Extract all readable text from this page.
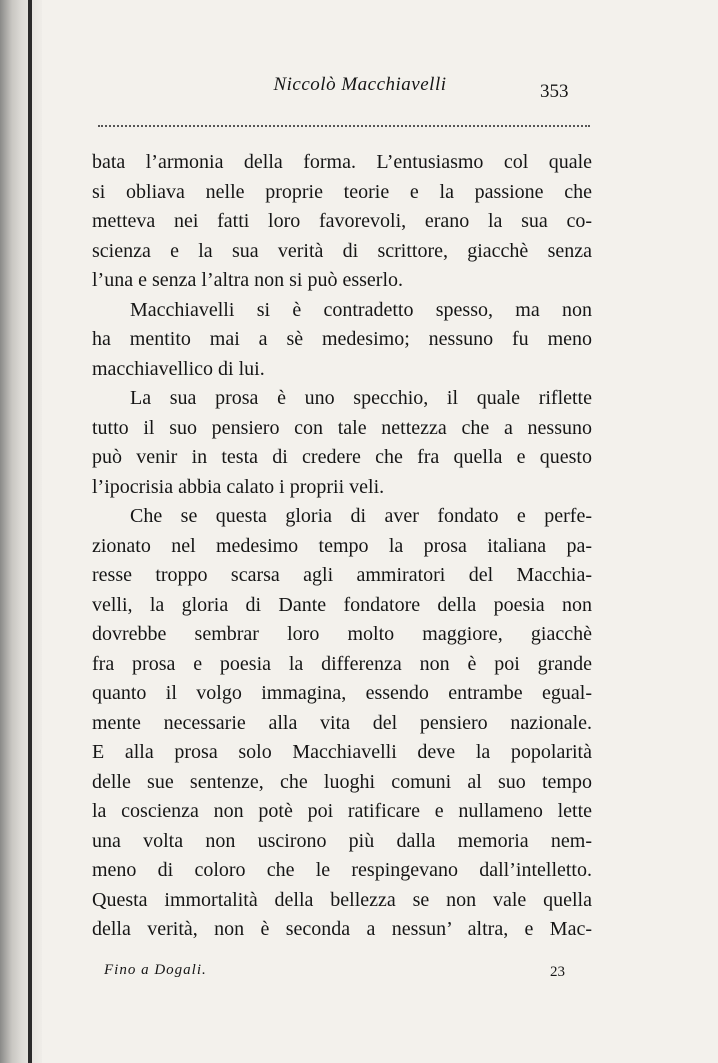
Niccolò Macchiavelli	353
bata l’armonia della forma. L’entusiasmo col quale
si obliava nelle proprie teorie e la passione che
metteva nei fatti loro favorevoli, erano la sua co-
scienza e la sua verità di scrittore, giacchè senza
l’una e senza l’altra non si può esserlo.
Macchiavelli si è contradetto spesso, ma non
ha mentito mai a sè medesimo; nessuno fu meno
macchiavellico di lui.
La sua prosa è uno specchio, il quale riflette
tutto il suo pensiero con tale nettezza che a nessuno
può venir in testa di credere che fra quella e questo
l’ipocrisia abbia calato i proprii veli.
Che se questa gloria di aver fondato e perfe-
zionato nel medesimo tempo la prosa italiana pa-
resse troppo scarsa agli ammiratori del Macchia-
velli, la gloria di Dante fondatore della poesia non
dovrebbe sembrar loro molto maggiore, giacchè
fra prosa e poesia la differenza non è poi grande
quanto il volgo immagina, essendo entrambe egual-
mente necessarie alla vita del pensiero nazionale.
E alla prosa solo Macchiavelli deve la popolarità
delle sue sentenze, che luoghi comuni al suo tempo
la coscienza non potè poi ratificare e nullameno lette
una volta non uscirono più dalla memoria nem-
meno di coloro che le respingevano dall’intelletto.
Questa immortalità della bellezza se non vale quella
della verità, non è seconda a nessun’ altra, e Mac-
Fino a Dogali.	23
